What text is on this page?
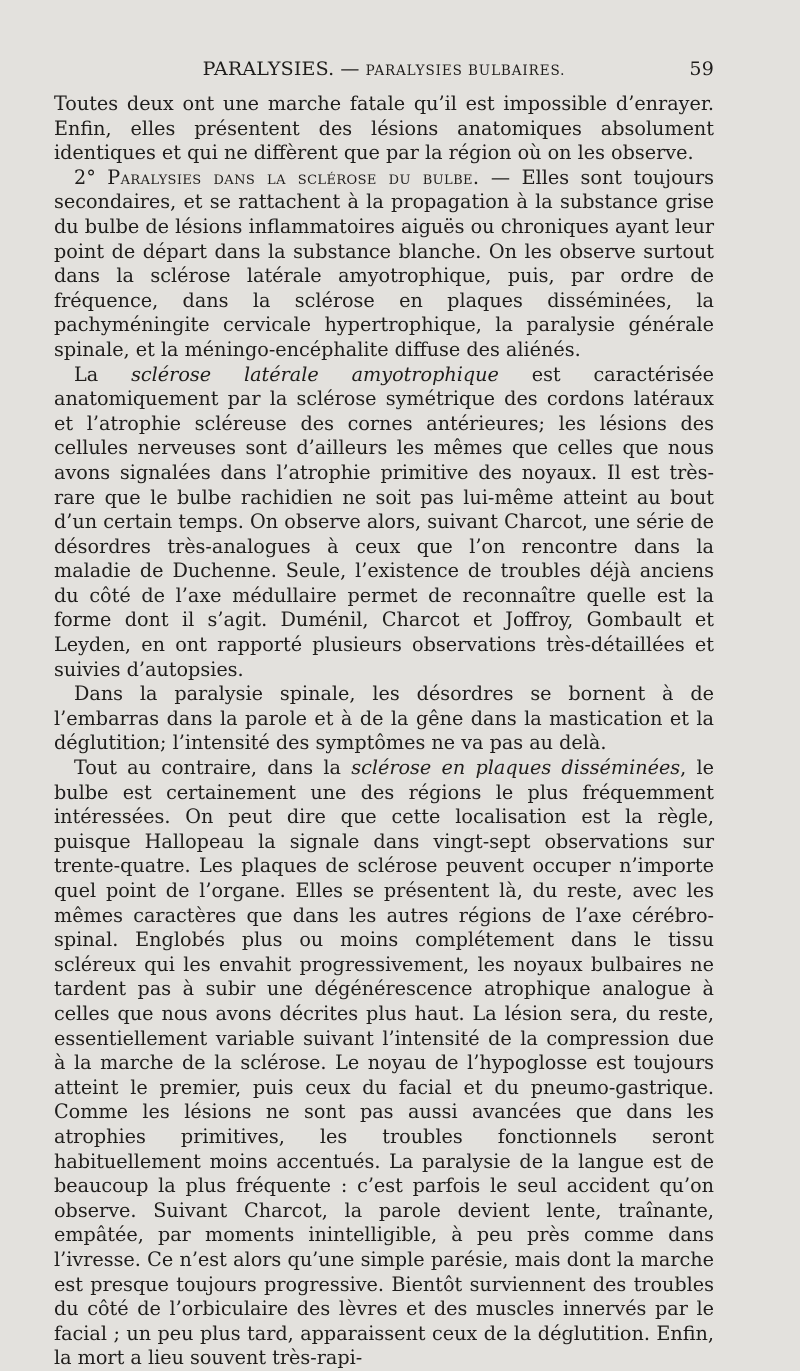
PARALYSIES. — PARALYSIES BULBAIRES.	59

Toutes deux ont une marche fatale qu’il est impossible d’enrayer. Enfin, elles présentent des lésions anatomiques absolument identiques et qui ne diffèrent que par la région où on les observe.

2° Paralysies dans la sclérose du bulbe. — Elles sont toujours secondaires, et se rattachent à la propagation à la substance grise du bulbe de lésions inflammatoires aiguës ou chroniques ayant leur point de départ dans la substance blanche. On les observe surtout dans la sclérose latérale amyotrophique, puis, par ordre de fréquence, dans la sclérose en plaques disséminées, la pachyméningite cervicale hypertrophique, la paralysie générale spinale, et la méningo-encéphalite diffuse des aliénés.

La sclérose latérale amyotrophique est caractérisée anatomiquement par la sclérose symétrique des cordons latéraux et l’atrophie scléreuse des cornes antérieures; les lésions des cellules nerveuses sont d’ailleurs les mêmes que celles que nous avons signalées dans l’atrophie primitive des noyaux. Il est très-rare que le bulbe rachidien ne soit pas lui-même atteint au bout d’un certain temps. On observe alors, suivant Charcot, une série de désordres très-analogues à ceux que l’on rencontre dans la maladie de Duchenne. Seule, l’existence de troubles déjà anciens du côté de l’axe médullaire permet de reconnaître quelle est la forme dont il s’agit. Duménil, Charcot et Joffroy, Gombault et Leyden, en ont rapporté plusieurs observations très-détaillées et suivies d’autopsies.

Dans la paralysie spinale, les désordres se bornent à de l’embarras dans la parole et à de la gêne dans la mastication et la déglutition; l’intensité des symptômes ne va pas au delà.

Tout au contraire, dans la sclérose en plaques disséminées, le bulbe est certainement une des régions le plus fréquemment intéressées. On peut dire que cette localisation est la règle, puisque Hallopeau la signale dans vingt-sept observations sur trente-quatre. Les plaques de sclérose peuvent occuper n’importe quel point de l’organe. Elles se présentent là, du reste, avec les mêmes caractères que dans les autres régions de l’axe cérébro-spinal. Englobés plus ou moins complétement dans le tissu scléreux qui les envahit progressivement, les noyaux bulbaires ne tardent pas à subir une dégénérescence atrophique analogue à celles que nous avons décrites plus haut. La lésion sera, du reste, essentiellement variable suivant l’intensité de la compression due à la marche de la sclérose. Le noyau de l’hypoglosse est toujours atteint le premier, puis ceux du facial et du pneumo-gastrique. Comme les lésions ne sont pas aussi avancées que dans les atrophies primitives, les troubles fonctionnels seront habituellement moins accentués. La paralysie de la langue est de beaucoup la plus fréquente : c’est parfois le seul accident qu’on observe. Suivant Charcot, la parole devient lente, traînante, empâtée, par moments inintelligible, à peu près comme dans l’ivresse. Ce n’est alors qu’une simple parésie, mais dont la marche est presque toujours progressive. Bientôt surviennent des troubles du côté de l’orbiculaire des lèvres et des muscles innervés par le facial ; un peu plus tard, apparaissent ceux de la déglutition. Enfin, la mort a lieu souvent très-rapi-
